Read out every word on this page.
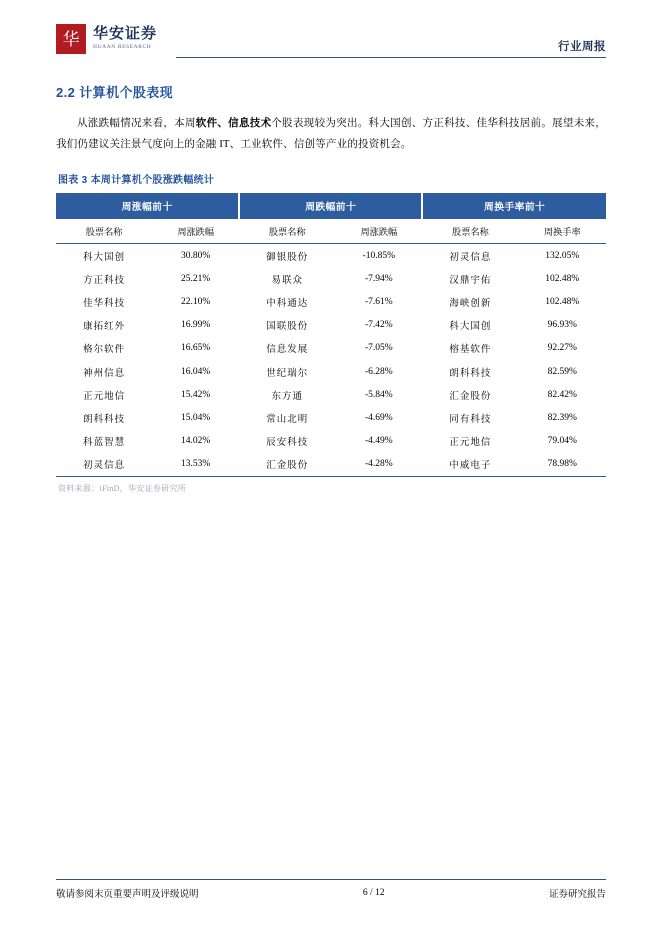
华 华安证券
HUAAN RESEARCH	行业周报
2.2 计算机个股表现

从涨跌幅情况来看，本周软件、信息技术个股表现较为突出。科大国创、方正科技、佳华科技居前。展望未来，我们仍建议关注景气度向上的金融 IT、工业软件、信创等产业的投资机会。

图表 3 本周计算机个股涨跌幅统计
周涨幅前十		周跌幅前十		周换手率前十	
股票名称	周涨跌幅	股票名称	周涨跌幅	股票名称	周换手率
科大国创	30.80%	御银股份	-10.85%	初灵信息	132.05%
方正科技	25.21%	易联众	-7.94%	汉鼎宇佑	102.48%
佳华科技	22.10%	中科通达	-7.61%	海峡创新	102.48%
康拓红外	16.99%	国联股份	-7.42%	科大国创	96.93%
格尔软件	16.65%	信息发展	-7.05%	榕基软件	92.27%
神州信息	16.04%	世纪瑞尔	-6.28%	朗科科技	82.59%
正元地信	15.42%	东方通	-5.84%	汇金股份	82.42%
朗科科技	15.04%	常山北明	-4.69%	同有科技	82.39%
科蓝智慧	14.02%	辰安科技	-4.49%	正元地信	79.04%
初灵信息	13.53%	汇金股份	-4.28%	中威电子	78.98%
资料来源：iFinD，华安证券研究所
敬请参阅末页重要声明及评级说明	6 / 12	证券研究报告
